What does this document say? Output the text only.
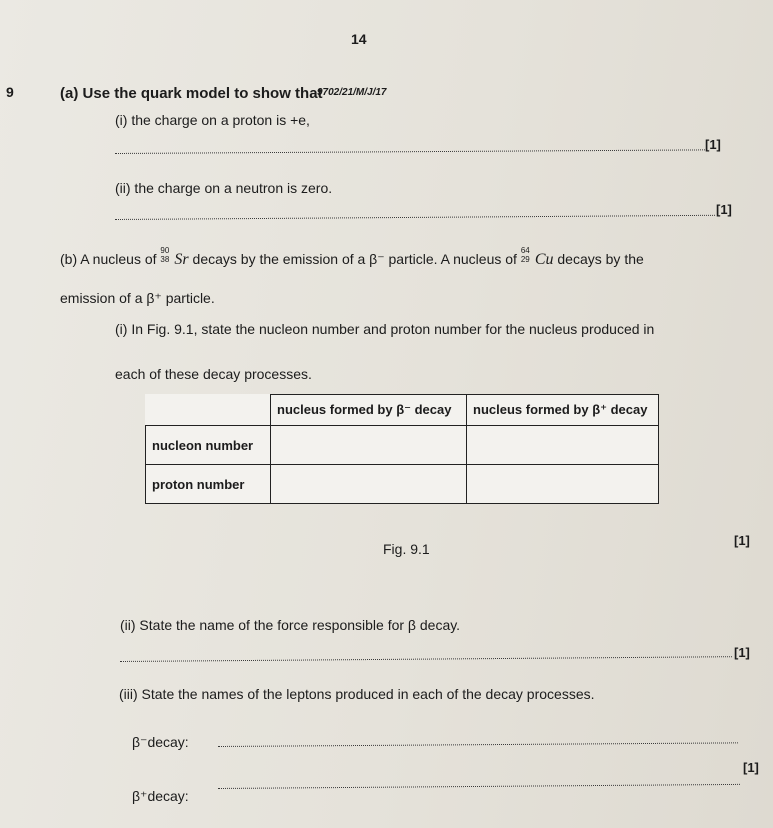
14
9	(a) Use the quark model to show that
9702/21/M/J/17
(i) the charge on a proton is +e,
[1]
(ii) the charge on a neutron is zero.
[1]
(b) A nucleus of
90
38 Sr decays by the emission of a β⁻ particle. A nucleus of
64
29 Cu decays by the
emission of a β⁺ particle.
(i) In Fig. 9.1, state the nucleon number and proton number for the nucleus produced in
each of these decay processes.
	nucleus formed by β⁻ decay	nucleus formed by β⁺ decay
nucleon number		
proton number		
Fig. 9.1
[1]
(ii) State the name of the force responsible for β decay.
[1]
(iii) State the names of the leptons produced in each of the decay processes.
β⁻decay:
β⁺decay:
[1]
